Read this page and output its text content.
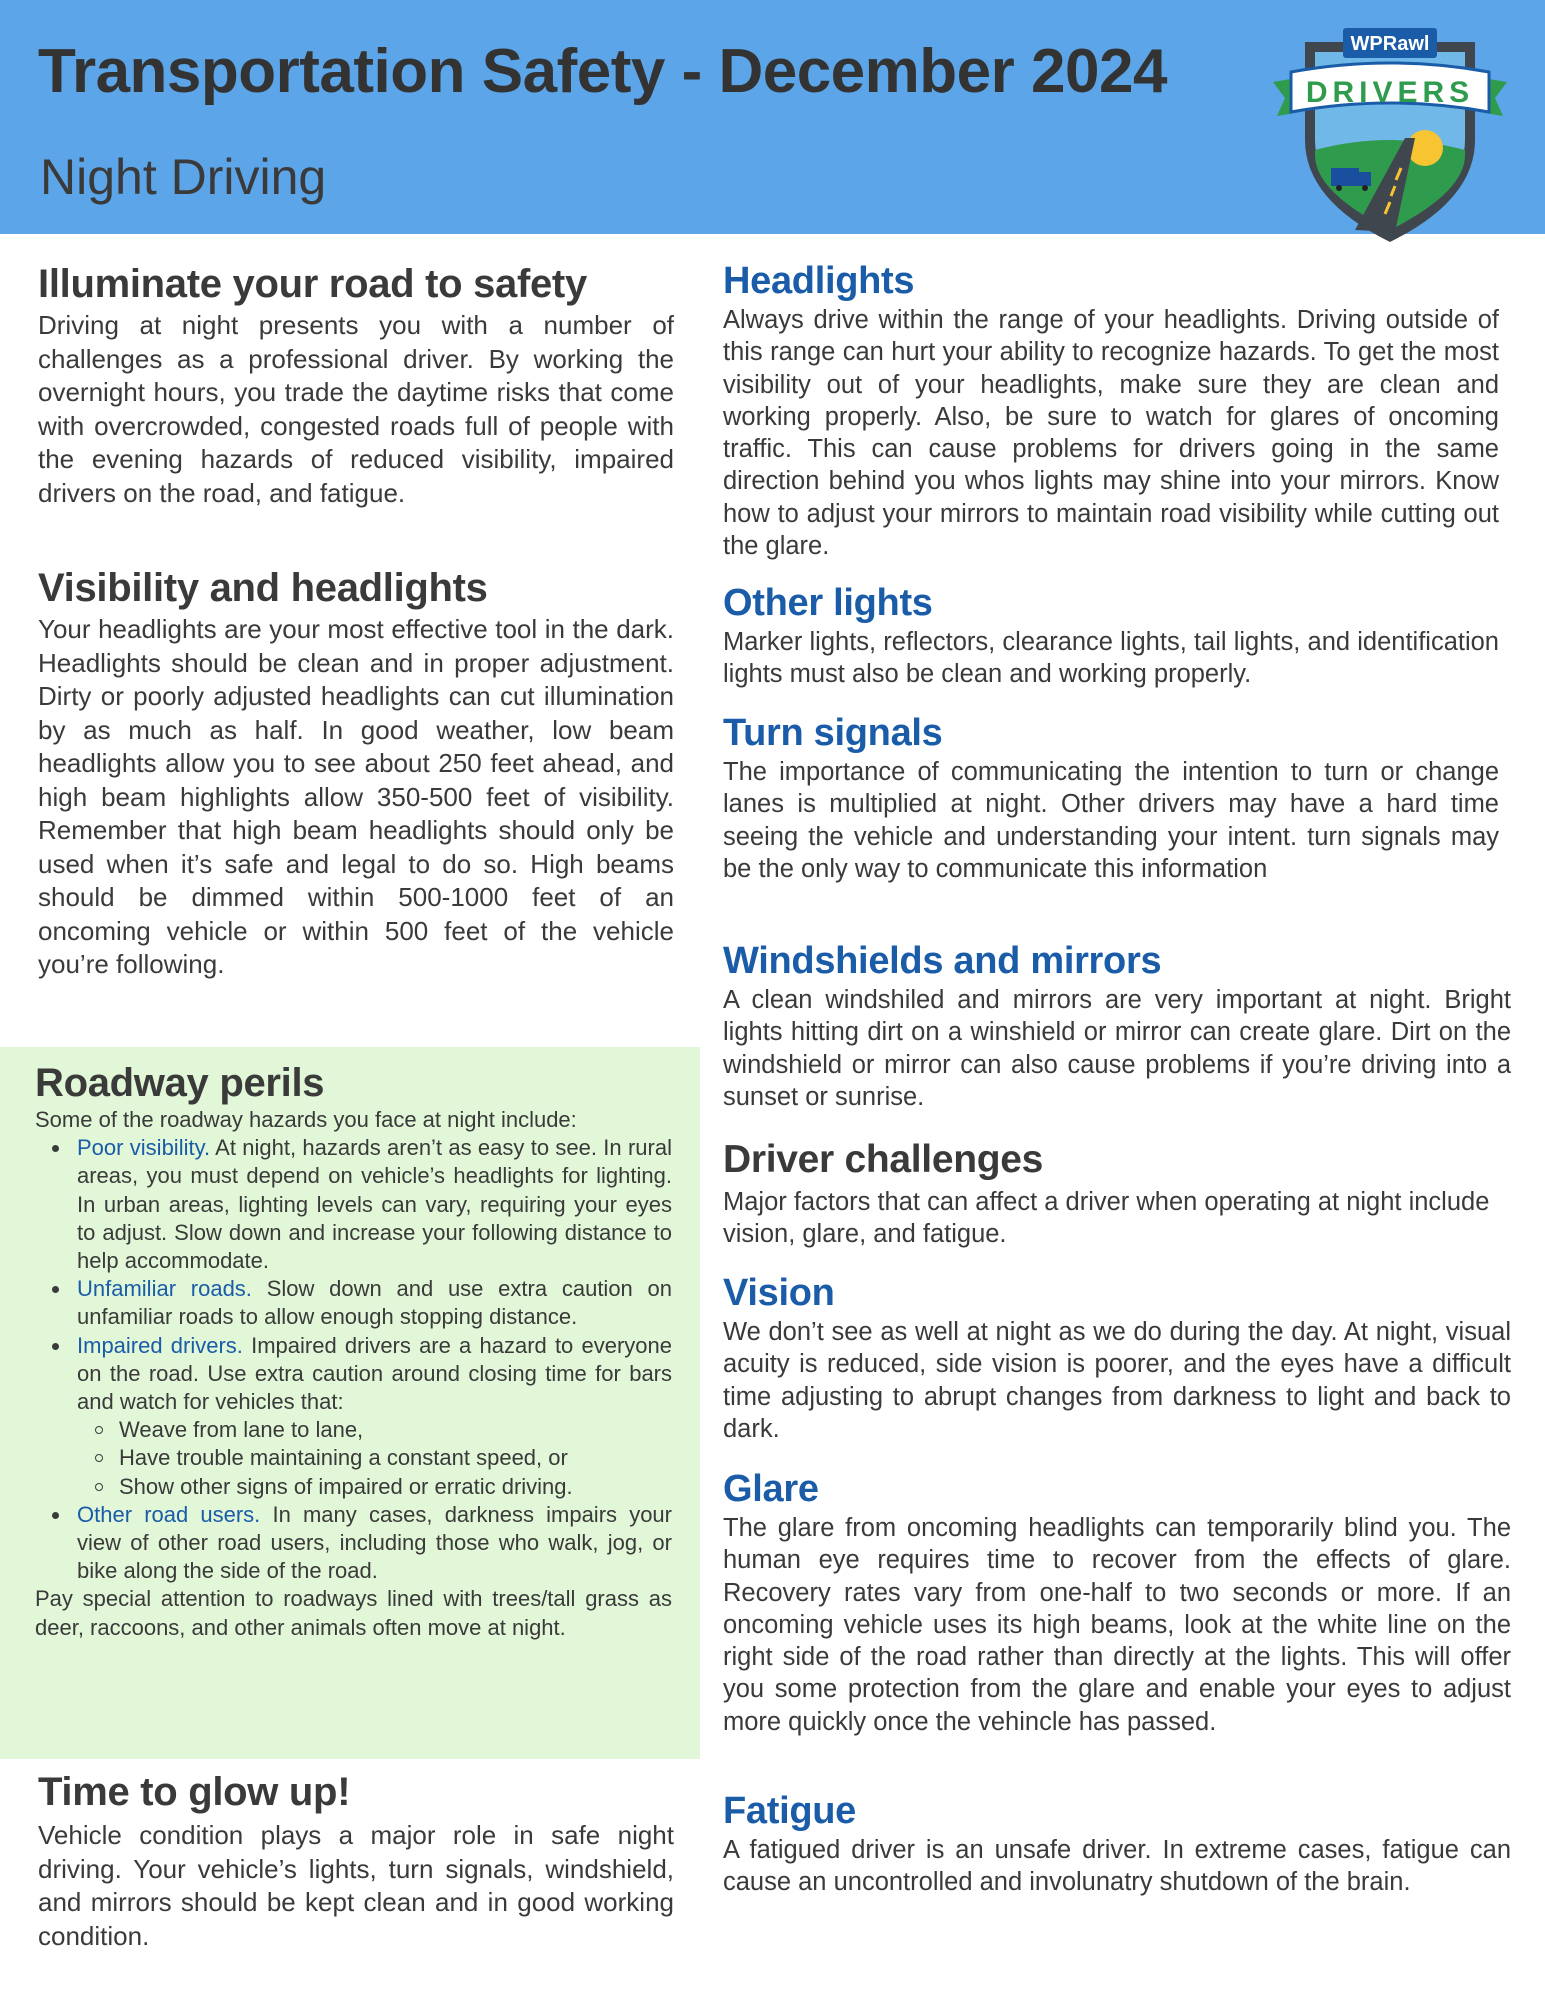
Transportation Safety - December 2024
Night Driving
WPRawl
DRIVERS
Illuminate your road to safety

Driving at night presents you with a number of challenges as a professional driver. By working the overnight hours, you trade the daytime risks that come with overcrowded, congested roads full of people with the evening hazards of reduced visibility, impaired drivers on the road, and fatigue.

Visibility and headlights

Your headlights are your most effective tool in the dark. Headlights should be clean and in proper adjustment. Dirty or poorly adjusted headlights can cut illumination by as much as half. In good weather, low beam headlights allow you to see about 250 feet ahead, and high beam highlights allow 350-500 feet of visibility. Remember that high beam headlights should only be used when it’s safe and legal to do so. High beams should be dimmed within 500-1000 feet of an oncoming vehicle or within 500 feet of the vehicle you’re following.

Roadway perils

Some of the roadway hazards you face at night include:

Poor visibility. At night, hazards aren’t as easy to see. In rural areas, you must depend on vehicle’s headlights for lighting. In urban areas, lighting levels can vary, requiring your eyes to adjust. Slow down and increase your following distance to help accommodate.
Unfamiliar roads. Slow down and use extra caution on unfamiliar roads to allow enough stopping distance.
Impaired drivers. Impaired drivers are a hazard to everyone on the road. Use extra caution around closing time for bars and watch for vehicles that:
Weave from lane to lane,
Have trouble maintaining a constant speed, or
Show other signs of impaired or erratic driving.
Other road users. In many cases, darkness impairs your view of other road users, including those who walk, jog, or bike along the side of the road.

Pay special attention to roadways lined with trees/tall grass as deer, raccoons, and other animals often move at night.

Time to glow up!

Vehicle condition plays a major role in safe night driving. Your vehicle’s lights, turn signals, windshield, and mirrors should be kept clean and in good working condition.

Headlights

Always drive within the range of your headlights. Driving outside of this range can hurt your ability to recognize hazards. To get the most visibility out of your headlights, make sure they are clean and working properly. Also, be sure to watch for glares of oncoming traffic. This can cause problems for drivers going in the same direction behind you whos lights may shine into your mirrors. Know how to adjust your mirrors to maintain road visibility while cutting out the glare.

Other lights

Marker lights, reflectors, clearance lights, tail lights, and identification lights must also be clean and working properly.

Turn signals

The importance of communicating the intention to turn or change lanes is multiplied at night. Other drivers may have a hard time seeing the vehicle and understanding your intent. turn signals may be the only way to communicate this information

Windshields and mirrors

A clean windshiled and mirrors are very important at night. Bright lights hitting dirt on a winshield or mirror can create glare. Dirt on the windshield or mirror can also cause problems if you’re driving into a sunset or sunrise.

Driver challenges

Major factors that can affect a driver when operating at night include vision, glare, and fatigue.

Vision

We don’t see as well at night as we do during the day. At night, visual acuity is reduced, side vision is poorer, and the eyes have a difficult time adjusting to abrupt changes from darkness to light and back to dark.

Glare

The glare from oncoming headlights can temporarily blind you. The human eye requires time to recover from the effects of glare. Recovery rates vary from one-half to two seconds or more. If an oncoming vehicle uses its high beams, look at the white line on the right side of the road rather than directly at the lights. This will offer you some protection from the glare and enable your eyes to adjust more quickly once the vehincle has passed.

Fatigue

A fatigued driver is an unsafe driver. In extreme cases, fatigue can cause an uncontrolled and involunatry shutdown of the brain.
